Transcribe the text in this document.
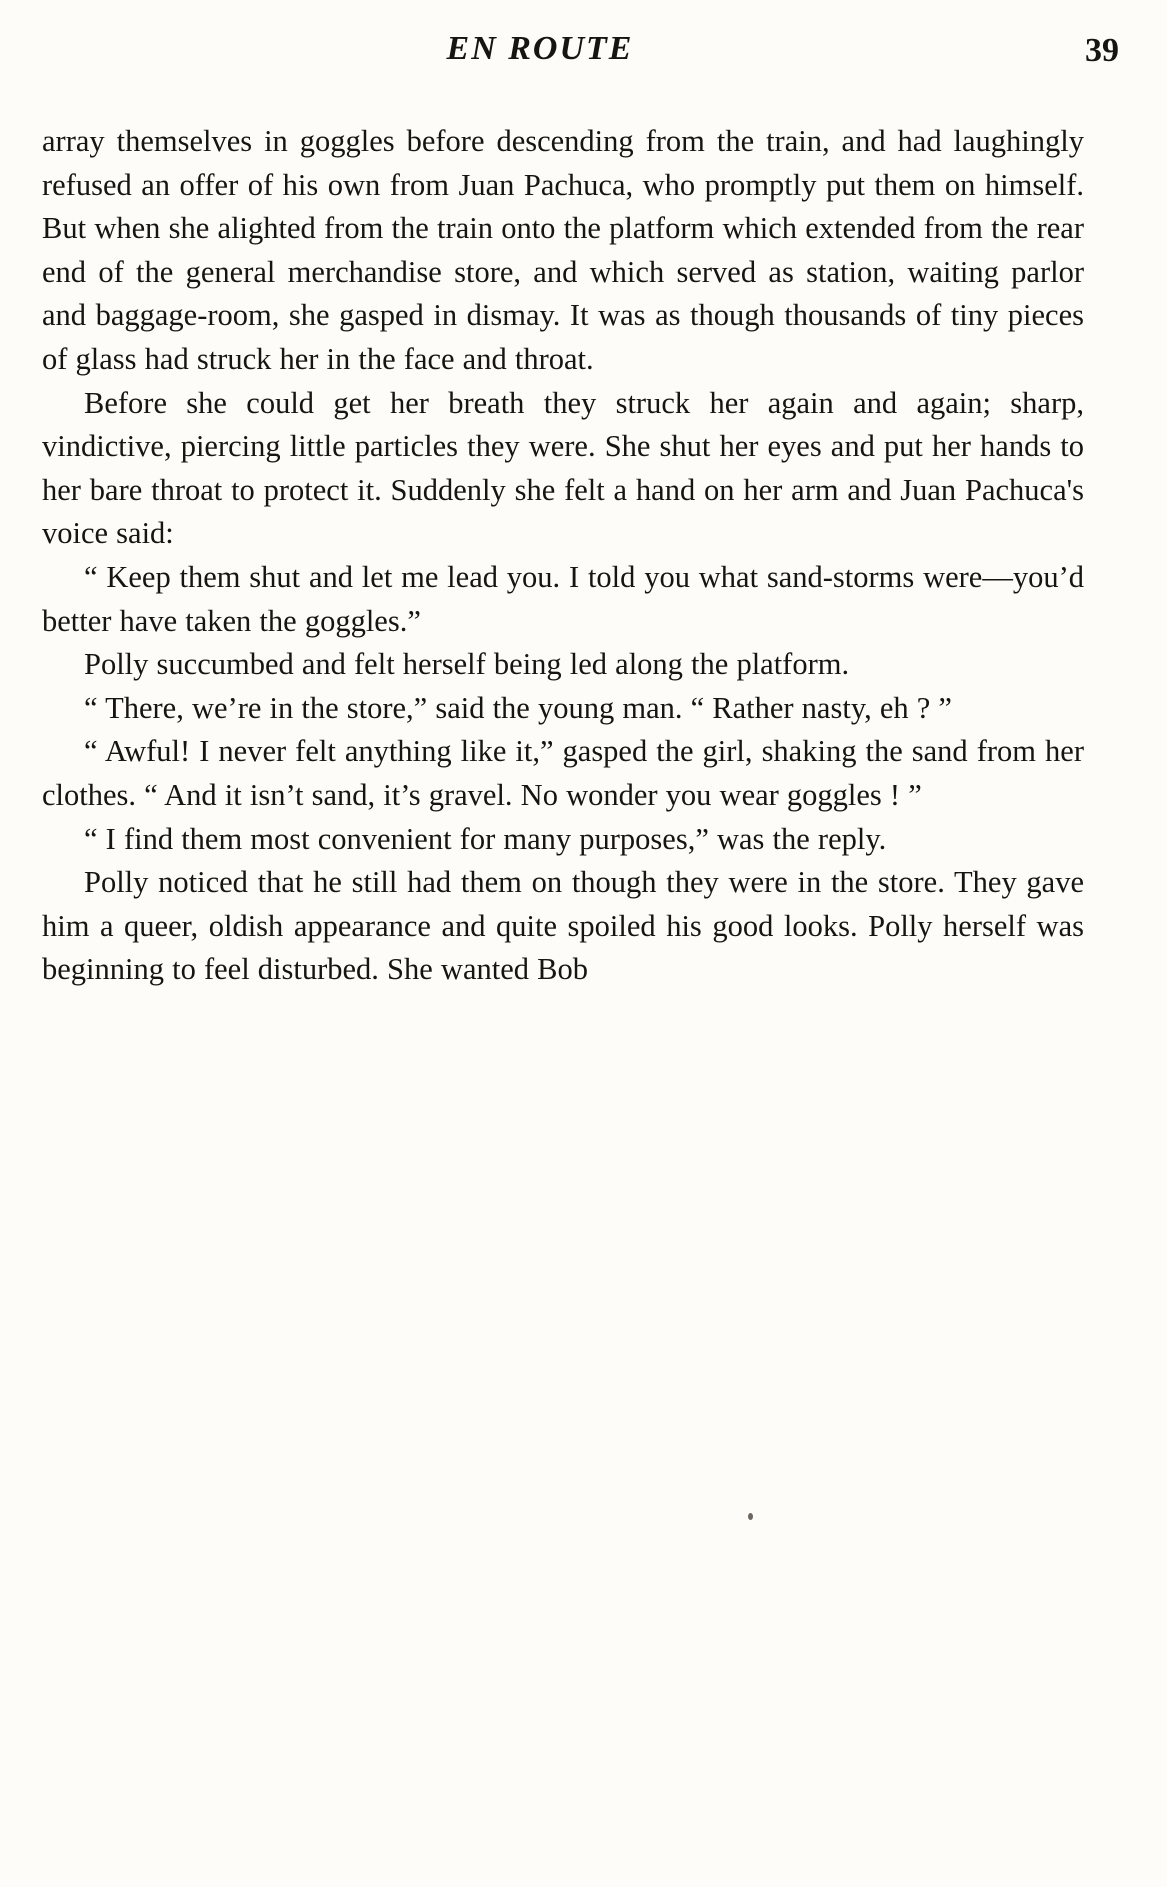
EN ROUTE	39

array themselves in goggles before descending from the train, and had laughingly refused an offer of his own from Juan Pachuca, who promptly put them on himself. But when she alighted from the train onto the platform which extended from the rear end of the general merchandise store, and which served as station, waiting parlor and baggage-room, she gasped in dismay. It was as though thousands of tiny pieces of glass had struck her in the face and throat.

Before she could get her breath they struck her again and again; sharp, vindictive, piercing little particles they were. She shut her eyes and put her hands to her bare throat to protect it. Suddenly she felt a hand on her arm and Juan Pachuca's voice said:

“ Keep them shut and let me lead you. I told you what sand-storms were—you’d better have taken the goggles.”

Polly succumbed and felt herself being led along the platform.

“ There, we’re in the store,” said the young man. “ Rather nasty, eh ? ”

“ Awful! I never felt anything like it,” gasped the girl, shaking the sand from her clothes. “ And it isn’t sand, it’s gravel. No wonder you wear goggles ! ”

“ I find them most convenient for many purposes,” was the reply.

Polly noticed that he still had them on though they were in the store. They gave him a queer, oldish appearance and quite spoiled his good looks. Polly herself was beginning to feel disturbed. She wanted Bob
